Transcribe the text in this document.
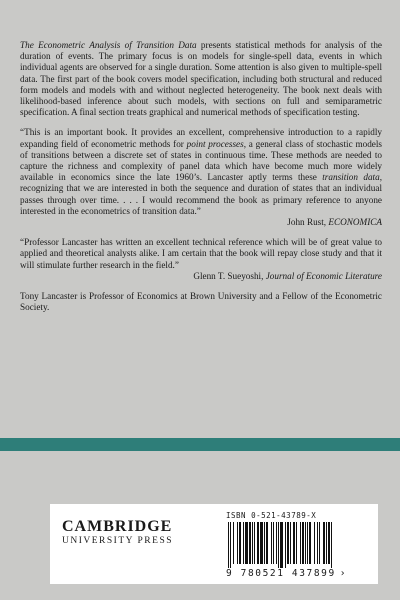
The Econometric Analysis of Transition Data presents statistical methods for analysis of the duration of events. The primary focus is on models for single-spell data, events in which individual agents are observed for a single duration. Some attention is also given to multiple-spell data. The first part of the book covers model specification, including both structural and reduced form models and models with and without neglected heterogeneity. The book next deals with likelihood-based inference about such models, with sections on full and semiparametric specification. A final section treats graphical and numerical methods of specification testing.

“This is an important book. It provides an excellent, comprehensive introduction to a rapidly expanding field of econometric methods for point processes, a general class of stochastic models of transitions between a discrete set of states in continuous time. These methods are needed to capture the richness and complexity of panel data which have become much more widely available in economics since the late 1960’s. Lancaster aptly terms these transition data, recognizing that we are interested in both the sequence and duration of states that an individual passes through over time. . . . I would recommend the book as primary reference to anyone interested in the econometrics of transition data.”

John Rust,
ECONOMICA

“Professor Lancaster has written an excellent technical reference which will be of great value to applied and theoretical analysts alike. I am certain that the book will repay close study and that it will stimulate further research in the field.”

Glenn T. Sueyoshi,
Journal of Economic Literature

Tony Lancaster is Professor of Economics at Brown University and a Fellow of the Econometric Society.

CAMBRIDGE
UNIVERSITY PRESS
ISBN 0-521-43789-X
9 780521 437899 ›
